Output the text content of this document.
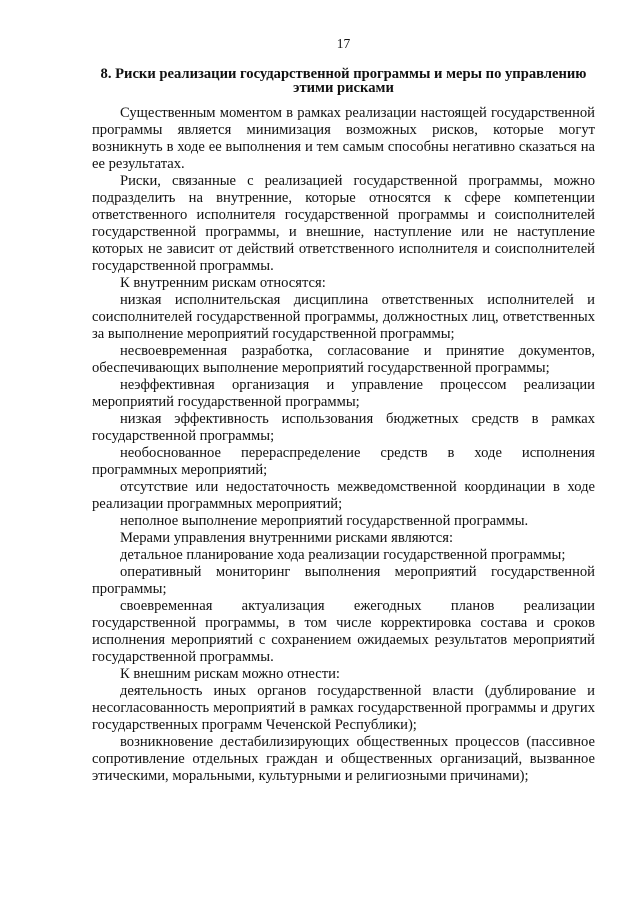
17
8. Риски реализации государственной программы и меры по управлению этими рисками

Существенным моментом в рамках реализации настоящей государственной программы является минимизация возможных рисков, которые могут возникнуть в ходе ее выполнения и тем самым способны негативно сказаться на ее результатах.

Риски, связанные с реализацией государственной программы, можно подразделить на внутренние, которые относятся к сфере компетенции ответственного исполнителя государственной программы и соисполнителей государственной программы, и внешние, наступление или не наступление которых не зависит от действий ответственного исполнителя и соисполнителей государственной программы.

К внутренним рискам относятся:

низкая исполнительская дисциплина ответственных исполнителей и соисполнителей государственной программы, должностных лиц, ответственных за выполнение мероприятий государственной программы;

несвоевременная разработка, согласование и принятие документов, обеспечивающих выполнение мероприятий государственной программы;

неэффективная организация и управление процессом реализации мероприятий государственной программы;

низкая эффективность использования бюджетных средств в рамках государственной программы;

необоснованное перераспределение средств в ходе исполнения программных мероприятий;

отсутствие или недостаточность межведомственной координации в ходе реализации программных мероприятий;

неполное выполнение мероприятий государственной программы.

Мерами управления внутренними рисками являются:

детальное планирование хода реализации государственной программы;

оперативный мониторинг выполнения мероприятий государственной программы;

своевременная актуализация ежегодных планов реализации государственной программы, в том числе корректировка состава и сроков исполнения мероприятий с сохранением ожидаемых результатов мероприятий государственной программы.

К внешним рискам можно отнести:

деятельность иных органов государственной власти (дублирование и несогласованность мероприятий в рамках государственной программы и других государственных программ Чеченской Республики);

возникновение дестабилизирующих общественных процессов (пассивное сопротивление отдельных граждан и общественных организаций, вызванное этическими, моральными, культурными и религиозными причинами);
